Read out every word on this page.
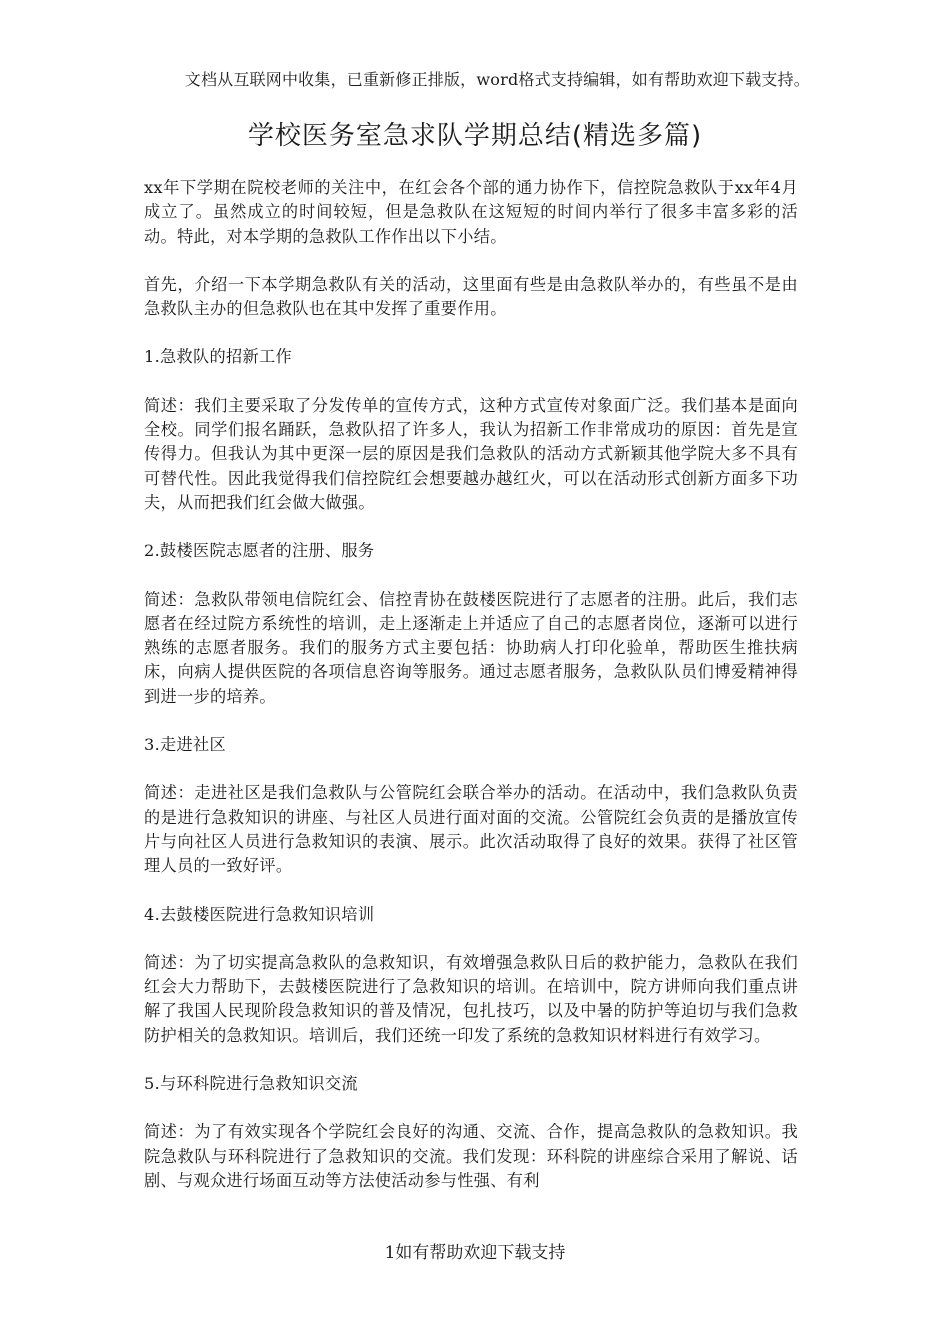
文档从互联网中收集，已重新修正排版，word格式支持编辑，如有帮助欢迎下载支持。
学校医务室急求队学期总结(精选多篇)

xx年下学期在院校老师的关注中，在红会各个部的通力协作下，信控院急救队于xx年4月成立了。虽然成立的时间较短，但是急救队在这短短的时间内举行了很多丰富多彩的活动。特此，对本学期的急救队工作作出以下小结。

首先，介绍一下本学期急救队有关的活动，这里面有些是由急救队举办的，有些虽不是由急救队主办的但急救队也在其中发挥了重要作用。

1.急救队的招新工作

简述：我们主要采取了分发传单的宣传方式，这种方式宣传对象面广泛。我们基本是面向全校。同学们报名踊跃，急救队招了许多人，我认为招新工作非常成功的原因：首先是宣传得力。但我认为其中更深一层的原因是我们急救队的活动方式新颖其他学院大多不具有可替代性。因此我觉得我们信控院红会想要越办越红火，可以在活动形式创新方面多下功夫，从而把我们红会做大做强。

2.鼓楼医院志愿者的注册、服务

简述：急救队带领电信院红会、信控青协在鼓楼医院进行了志愿者的注册。此后，我们志愿者在经过院方系统性的培训，走上逐渐走上并适应了自己的志愿者岗位，逐渐可以进行熟练的志愿者服务。我们的服务方式主要包括：协助病人打印化验单，帮助医生推扶病床，向病人提供医院的各项信息咨询等服务。通过志愿者服务，急救队队员们博爱精神得到进一步的培养。

3.走进社区

简述：走进社区是我们急救队与公管院红会联合举办的活动。在活动中，我们急救队负责的是进行急救知识的讲座、与社区人员进行面对面的交流。公管院红会负责的是播放宣传片与向社区人员进行急救知识的表演、展示。此次活动取得了良好的效果。获得了社区管理人员的一致好评。

4.去鼓楼医院进行急救知识培训

简述：为了切实提高急救队的急救知识，有效增强急救队日后的救护能力，急救队在我们红会大力帮助下，去鼓楼医院进行了急救知识的培训。在培训中，院方讲师向我们重点讲解了我国人民现阶段急救知识的普及情况，包扎技巧，以及中暑的防护等迫切与我们急救防护相关的急救知识。培训后，我们还统一印发了系统的急救知识材料进行有效学习。

5.与环科院进行急救知识交流

简述：为了有效实现各个学院红会良好的沟通、交流、合作，提高急救队的急救知识。我院急救队与环科院进行了急救知识的交流。我们发现：环科院的讲座综合采用了解说、话剧、与观众进行场面互动等方法使活动参与性强、有利

1如有帮助欢迎下载支持
